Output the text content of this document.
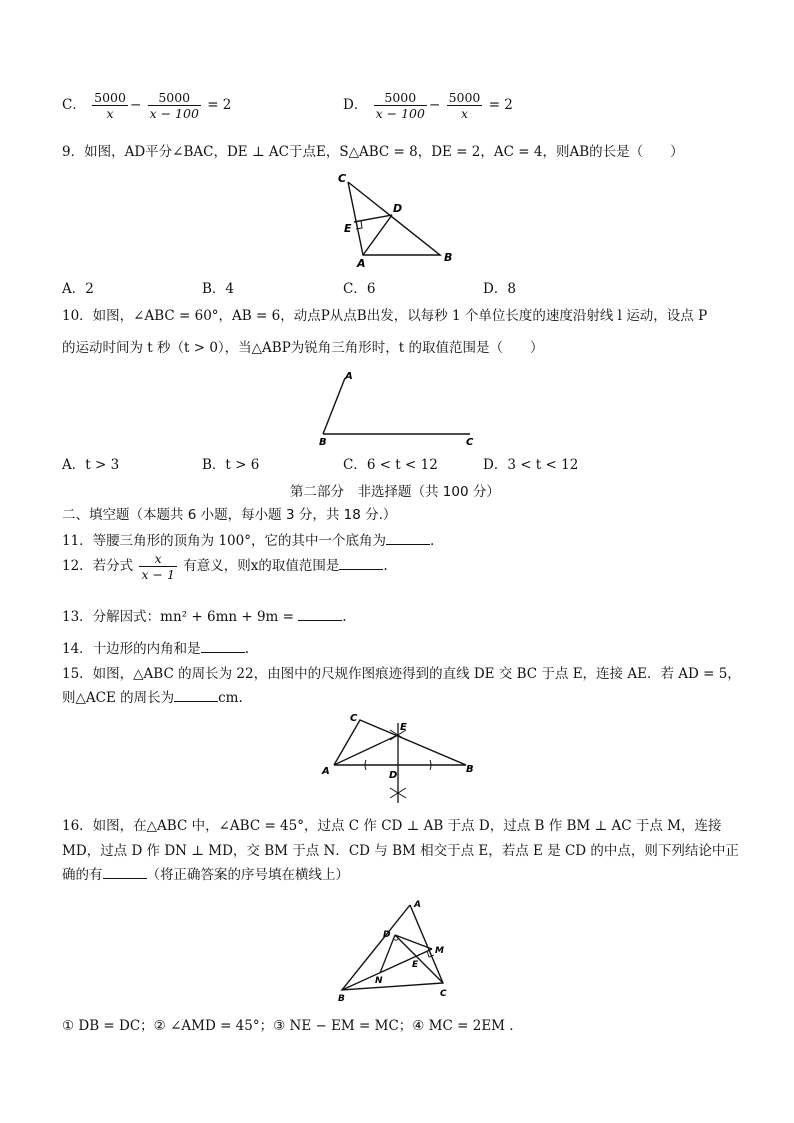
C． $\frac{5000}{x} - \frac{5000}{x - 100} = 2$	D． $\frac{5000}{x - 100} - \frac{5000}{x} = 2$
9．如图，AD平分∠BAC，DE ⊥ AC于点E，S△ABC = 8，DE = 2，AC = 4，则AB的长是（　　）
C
D
E
A	B
A．2	B．4	C．6	D．8
10．如图，∠ABC = 60°，AB = 6，动点P从点B出发，以每秒 1 个单位长度的速度沿射线 l 运动，设点 P
的运动时间为 t 秒（t > 0），当△ABP为锐角三角形时，t 的取值范围是（　　）
A
B	C
A．t > 3	B．t > 6	C．6 < t < 12	D．3 < t < 12
第二部分　非选择题（共 100 分）
二、填空题（本题共 6 小题，每小题 3 分，共 18 分.）
11．等腰三角形的顶角为 100°，它的其中一个底角为	.
12．若分式 $\frac{x}{x - 1}$ 有意义，则x的取值范围是	.
13．分解因式：mn² + 6mn + 9m =	.
14．十边形的内角和是	.
15．如图，△ABC 的周长为 22，由图中的尺规作图痕迹得到的直线 DE 交 BC 于点 E，连接 AE．若 AD = 5，
则△ACE 的周长为	cm.
C
E
A	D
B
16．如图，在△ABC 中，∠ABC = 45°，过点 C 作 CD ⊥ AB 于点 D，过点 B 作 BM ⊥ AC 于点 M，连接
MD，过点 D 作 DN ⊥ MD，交 BM 于点 N．CD 与 BM 相交于点 E，若点 E 是 CD 的中点，则下列结论中正
确的有	（将正确答案的序号填在横线上）
A
D
M
E
N
B	C
① DB = DC；② ∠AMD = 45°；③ NE − EM = MC；④ MC = 2EM .
